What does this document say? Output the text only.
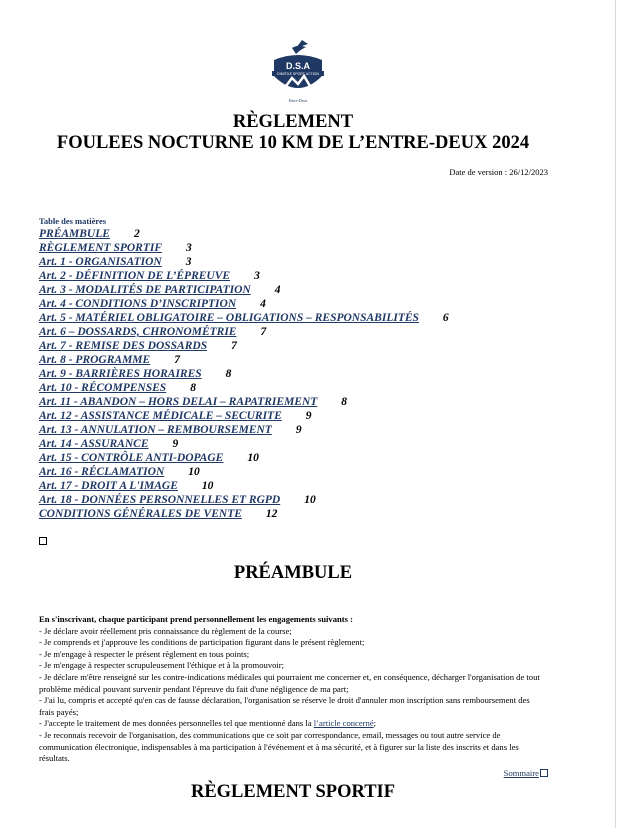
D.S.A
DIMITILE SPORT ACTION
Entre-Deux
RÈGLEMENT
FOULEES NOCTURNE 10 KM DE L’ENTRE-DEUX 2024
Date de version : 26/12/2023
Table des matières
PRÉAMBULE 2
RÈGLEMENT SPORTIF 3
Art. 1 - ORGANISATION 3
Art. 2 - DÉFINITION DE L’ÉPREUVE 3
Art. 3 - MODALITÉS DE PARTICIPATION 4
Art. 4 - CONDITIONS D’INSCRIPTION 4
Art. 5 - MATÉRIEL OBLIGATOIRE – OBLIGATIONS – RESPONSABILITÉS 6
Art. 6 – DOSSARDS, CHRONOMÉTRIE 7
Art. 7 - REMISE DES DOSSARDS 7
Art. 8 - PROGRAMME 7
Art. 9 - BARRIÈRES HORAIRES 8
Art. 10 - RÉCOMPENSES 8
Art. 11 - ABANDON – HORS DELAI – RAPATRIEMENT 8
Art. 12 - ASSISTANCE MÉDICALE – SECURITE 9
Art. 13 - ANNULATION – REMBOURSEMENT 9
Art. 14 - ASSURANCE 9
Art. 15 - CONTRÔLE ANTI-DOPAGE 10
Art. 16 - RÉCLAMATION 10
Art. 17 - DROIT A L'IMAGE 10
Art. 18 - DONNÉES PERSONNELLES ET RGPD 10
CONDITIONS GÉNÉRALES DE VENTE 12
PRÉAMBULE

En s'inscrivant, chaque participant prend personnellement les engagements suivants :

- Je déclare avoir réellement pris connaissance du règlement de la course;

- Je comprends et j'approuve les conditions de participation figurant dans le présent règlement;

- Je m'engage à respecter le présent règlement en tous points;

- Je m'engage à respecter scrupuleusement l'éthique et à la promouvoir;

- Je déclare m'être renseigné sur les contre-indications médicales qui pourraient me concerner et, en conséquence, décharger l'organisation de tout problème médical pouvant survenir pendant l'épreuve du fait d'une négligence de ma part;

- J'ai lu, compris et accepté qu'en cas de fausse déclaration, l'organisation se réserve le droit d'annuler mon inscription sans remboursement des frais payés;

- J'accepte le traitement de mes données personnelles tel que mentionné dans la l’article concerné;

- Je reconnais recevoir de l'organisation, des communications que ce soit par correspondance, email, messages ou tout autre service de communication électronique, indispensables à ma participation à l'événement et à ma sécurité, et à figurer sur la liste des inscrits et dans les résultats.

Sommaire
RÈGLEMENT SPORTIF
